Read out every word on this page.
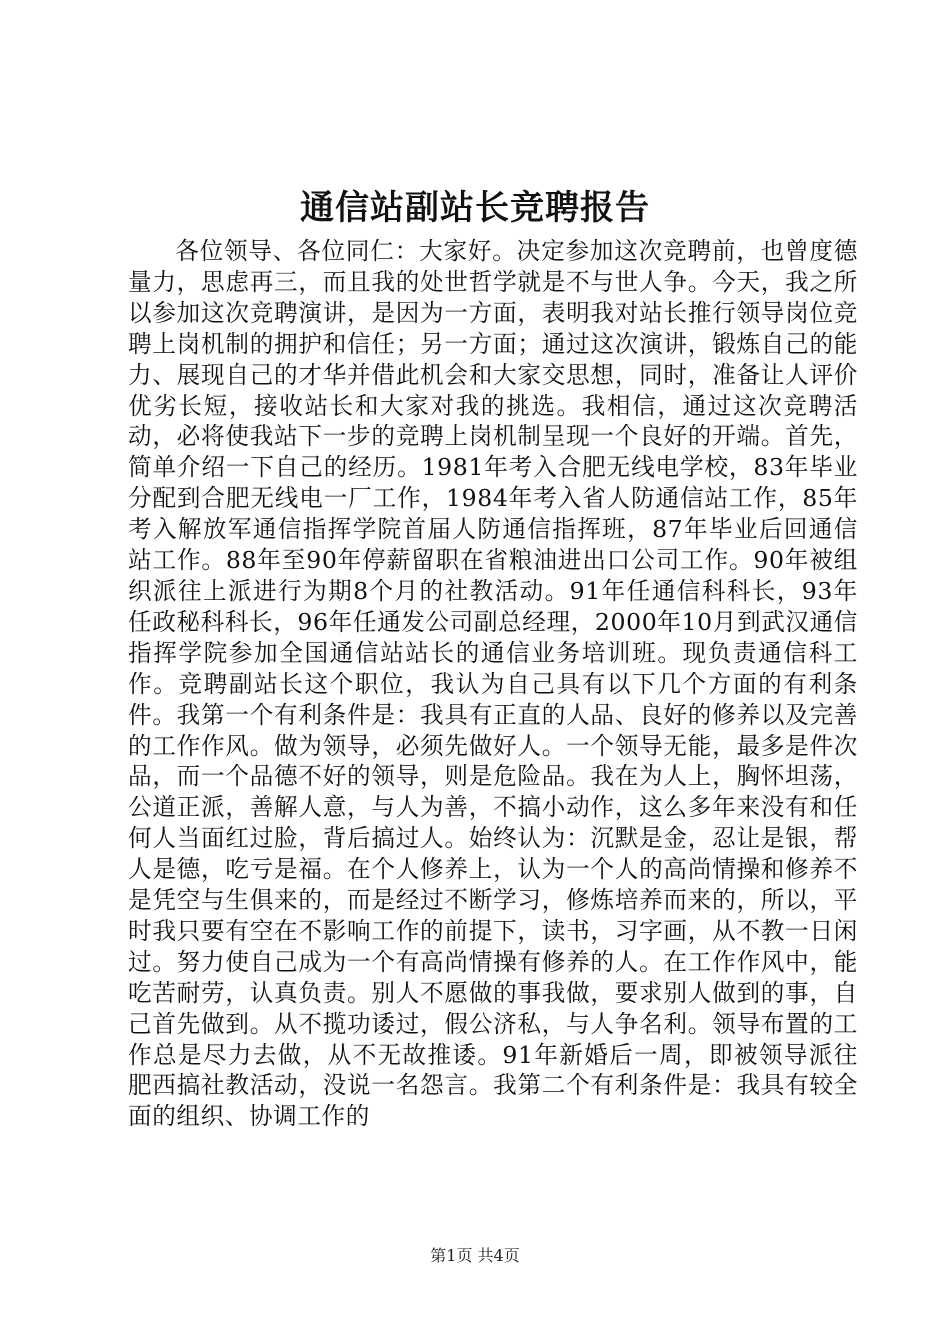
通信站副站长竞聘报告

各位领导、各位同仁：大家好。决定参加这次竞聘前，也曾度德量力，思虑再三，而且我的处世哲学就是不与世人争。今天，我之所以参加这次竞聘演讲，是因为一方面，表明我对站长推行领导岗位竞聘上岗机制的拥护和信任；另一方面；通过这次演讲，锻炼自己的能力、展现自己的才华并借此机会和大家交思想，同时，准备让人评价优劣长短，接收站长和大家对我的挑选。我相信，通过这次竞聘活动，必将使我站下一步的竞聘上岗机制呈现一个良好的开端。首先，简单介绍一下自己的经历。1981年考入合肥无线电学校，83年毕业分配到合肥无线电一厂工作，1984年考入省人防通信站工作，85年考入解放军通信指挥学院首届人防通信指挥班，87年毕业后回通信站工作。88年至90年停薪留职在省粮油进出口公司工作。90年被组织派往上派进行为期8个月的社教活动。91年任通信科科长，93年任政秘科科长，96年任通发公司副总经理，2000年10月到武汉通信指挥学院参加全国通信站站长的通信业务培训班。现负责通信科工作。竞聘副站长这个职位，我认为自己具有以下几个方面的有利条件。我第一个有利条件是：我具有正直的人品、良好的修养以及完善的工作作风。做为领导，必须先做好人。一个领导无能，最多是件次品，而一个品德不好的领导，则是危险品。我在为人上，胸怀坦荡，公道正派，善解人意，与人为善，不搞小动作，这么多年来没有和任何人当面红过脸，背后搞过人。始终认为：沉默是金，忍让是银，帮人是德，吃亏是福。在个人修养上，认为一个人的高尚情操和修养不是凭空与生俱来的，而是经过不断学习，修炼培养而来的，所以，平时我只要有空在不影响工作的前提下，读书，习字画，从不教一日闲过。努力使自己成为一个有高尚情操有修养的人。在工作作风中，能吃苦耐劳，认真负责。别人不愿做的事我做，要求别人做到的事，自己首先做到。从不揽功诿过，假公济私，与人争名利。领导布置的工作总是尽力去做，从不无故推诿。91年新婚后一周，即被领导派往肥西搞社教活动，没说一名怨言。我第二个有利条件是：我具有较全面的组织、协调工作的

第1页 共4页
